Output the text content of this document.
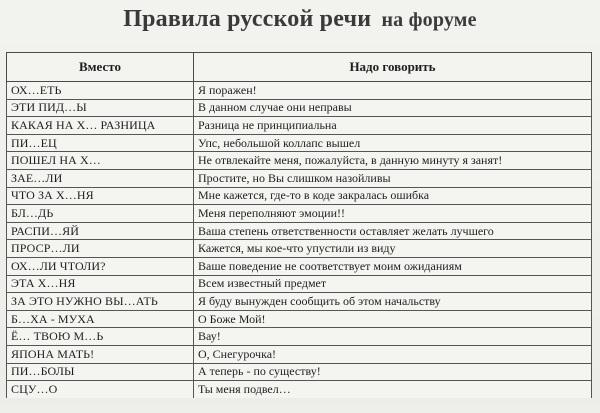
Правила русской речи на форуме
Вместо	Надо говорить
ОХ…ЕТЬ	Я поражен!
ЭТИ ПИД…Ы	В данном случае они неправы
КАКАЯ НА Х… РАЗНИЦА	Разница не принципиальна
ПИ…ЕЦ	Упс, небольшой коллапс вышел
ПОШЕЛ НА Х…	Не отвлекайте меня, пожалуйста, в данную минуту я занят!
ЗАЕ…ЛИ	Простите, но Вы слишком назойливы
ЧТО ЗА Х…НЯ	Мне кажется, где-то в коде закралась ошибка
БЛ…ДЬ	Меня переполняют эмоции!!
РАСПИ…ЯЙ	Ваша степень ответственности оставляет желать лучшего
ПРОСР…ЛИ	Кажется, мы кое-что упустили из виду
ОХ…ЛИ ЧТОЛИ?	Ваше поведение не соответствует моим ожиданиям
ЭТА Х…НЯ	Всем известный предмет
ЗА ЭТО НУЖНО ВЫ…АТЬ	Я буду вынужден сообщить об этом начальству
Б…ХА - МУХА	О Боже Мой!
Ё… ТВОЮ М…Ь	Вау!
ЯПОНА МАТЬ!	О, Снегурочка!
ПИ…БОЛЫ	А теперь - по существу!
СЦУ…О	Ты меня подвел…
